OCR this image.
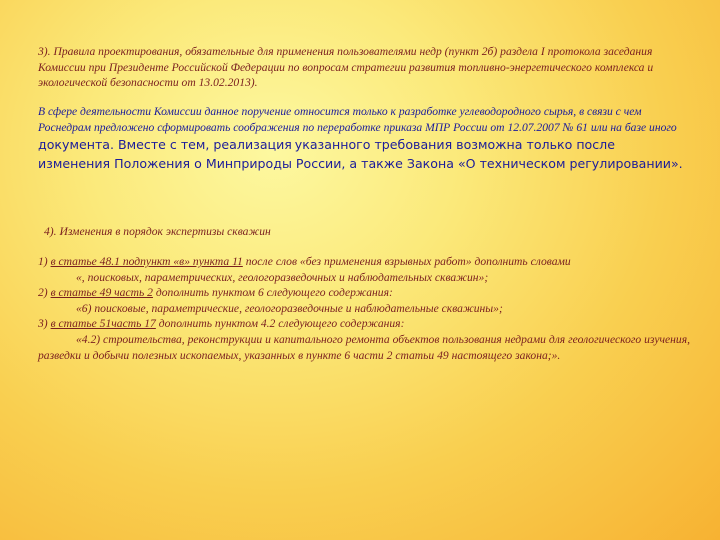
3). Правила проектирования, обязательные для применения пользователями недр (пункт 2б) раздела I протокола заседания Комиссии при Президенте Российской Федерации по вопросам стратегии развития топливно-энергетического комплекса и экологической безопасности от 13.02.2013).

В сфере деятельности Комиссии данное поручение относится только к разработке углеводородного сырья, в связи с чем Роснедрам предложено сформировать соображения по переработке приказа МПР России от 12.07.2007 № 61 или на базе иного документа. Вместе с тем, реализация указанного требования возможна только после изменения Положения о Минприроды России, а также Закона «О техническом регулировании».

4). Изменения в порядок экспертизы скважин

1) в статье 48.1 подпункт «в» пункта 11 после слов «без применения взрывных работ» дополнить словами
«, поисковых, параметрических, геологоразведочных и наблюдательных скважин»;
2) в статье 49 часть 2 дополнить пунктом 6 следующего содержания:
«6) поисковые, параметрические, геологоразведочные и наблюдательные скважины»;
3) в статье 51часть 17 дополнить пунктом 4.2 следующего содержания:
«4.2) строительства, реконструкции и капитального ремонта объектов пользования недрами для геологического изучения, разведки и добычи полезных ископаемых, указанных в пункте 6 части 2 статьи 49 настоящего закона;».
